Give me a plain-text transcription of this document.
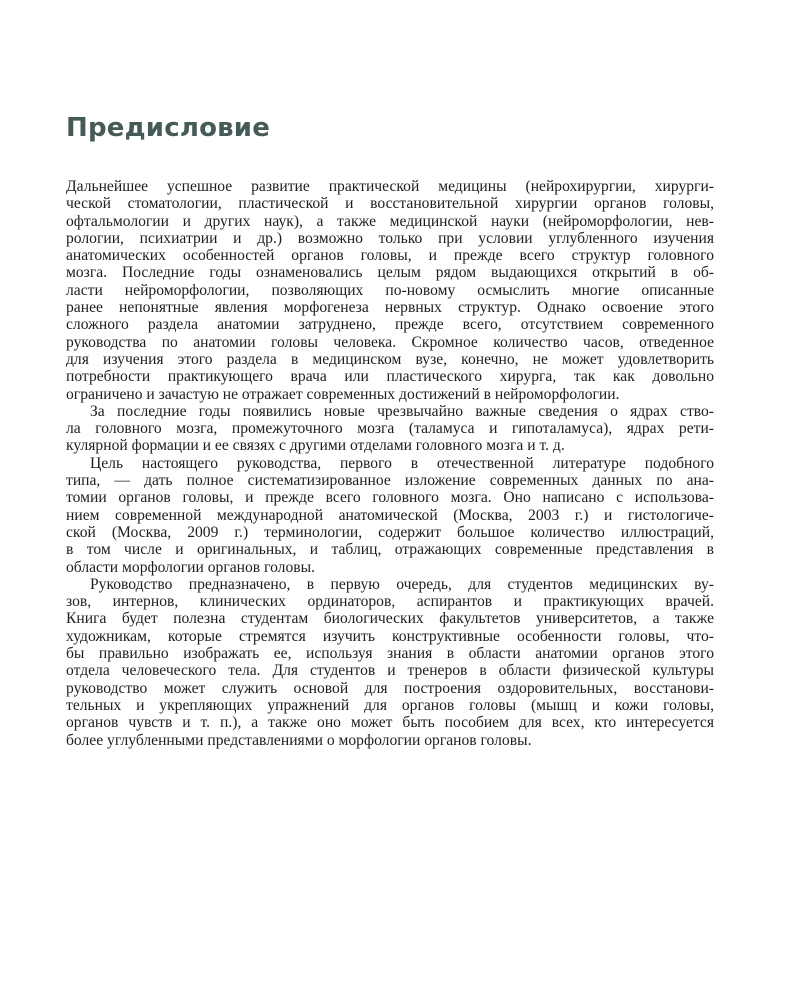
Предисловие
Дальнейшее успешное развитие практической медицины (нейрохирургии, хирурги-
ческой стоматологии, пластической и восстановительной хирургии органов головы,
офтальмологии и других наук), а также медицинской науки (нейроморфологии, нев-
рологии, психиатрии и др.) возможно только при условии углубленного изучения
анатомических особенностей органов головы, и прежде всего структур головного
мозга. Последние годы ознаменовались целым рядом выдающихся открытий в об-
ласти нейроморфологии, позволяющих по-новому осмыслить многие описанные
ранее непонятные явления морфогенеза нервных структур. Однако освоение этого
сложного раздела анатомии затруднено, прежде всего, отсутствием современного
руководства по анатомии головы человека. Скромное количество часов, отведенное
для изучения этого раздела в медицинском вузе, конечно, не может удовлетворить
потребности практикующего врача или пластического хирурга, так как довольно
ограничено и зачастую не отражает современных достижений в нейроморфологии.
За последние годы появились новые чрезвычайно важные сведения о ядрах ство-
ла головного мозга, промежуточного мозга (таламуса и гипоталамуса), ядрах рети-
кулярной формации и ее связях с другими отделами головного мозга и т. д.
Цель настоящего руководства, первого в отечественной литературе подобного
типа, — дать полное систематизированное изложение современных данных по ана-
томии органов головы, и прежде всего головного мозга. Оно написано с использова-
нием современной международной анатомической (Москва, 2003 г.) и гистологиче-
ской (Москва, 2009 г.) терминологии, содержит большое количество иллюстраций,
в том числе и оригинальных, и таблиц, отражающих современные представления в
области морфологии органов головы.
Руководство предназначено, в первую очередь, для студентов медицинских ву-
зов, интернов, клинических ординаторов, аспирантов и практикующих врачей.
Книга будет полезна студентам биологических факультетов университетов, а также
художникам, которые стремятся изучить конструктивные особенности головы, что-
бы правильно изображать ее, используя знания в области анатомии органов этого
отдела человеческого тела. Для студентов и тренеров в области физической культуры
руководство может служить основой для построения оздоровительных, восстанови-
тельных и укрепляющих упражнений для органов головы (мышц и кожи головы,
органов чувств и т. п.), а также оно может быть пособием для всех, кто интересуется
более углубленными представлениями о морфологии органов головы.
